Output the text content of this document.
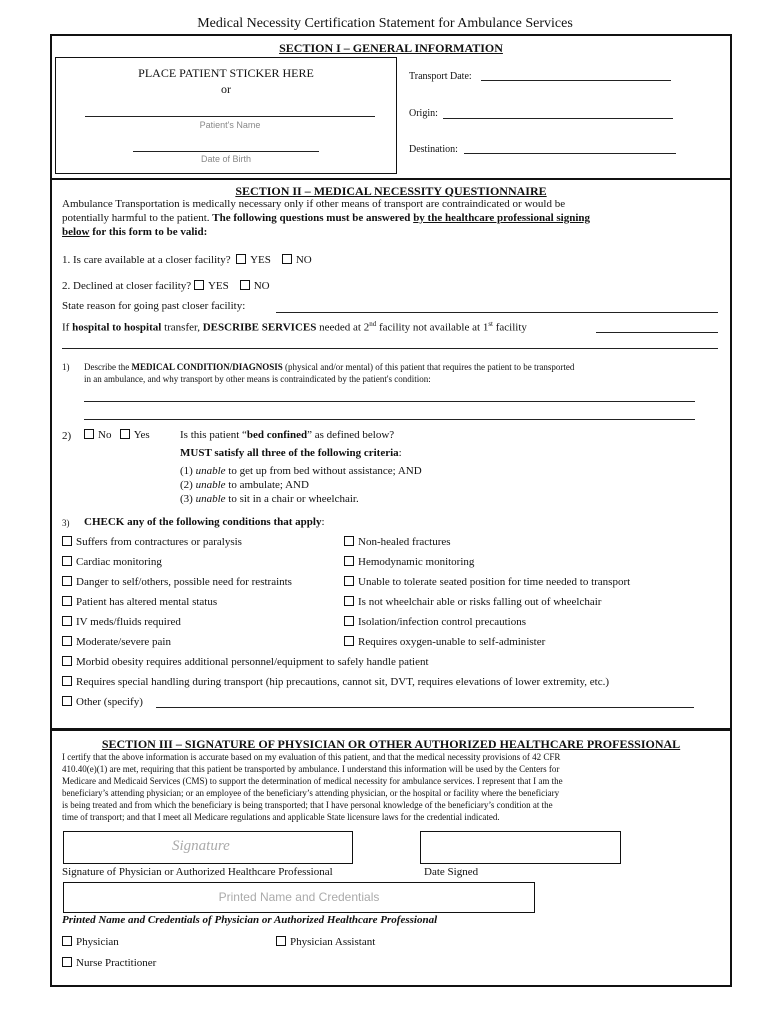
Medical Necessity Certification Statement for Ambulance Services
SECTION I – GENERAL INFORMATION
PLACE PATIENT STICKER HERE
or
Patient's Name
Date of Birth
Transport Date:
Origin:
Destination:
SECTION II – MEDICAL NECESSITY QUESTIONNAIRE
Ambulance Transportation is medically necessary only if other means of transport are contraindicated or would be
potentially harmful to the patient. The following questions must be answered by the healthcare professional signing
below for this form to be valid:
1. Is care available at a closer facility? YES NO
2. Declined at closer facility? YES NO
State reason for going past closer facility:
If hospital to hospital transfer, DESCRIBE SERVICES needed at 2nd facility not available at 1st facility
1) Describe the MEDICAL CONDITION/DIAGNOSIS (physical and/or mental) of this patient that requires the patient to be transported
in an ambulance, and why transport by other means is contraindicated by the patient's condition:
2)	No Yes	Is this patient “bed confined” as defined below?
MUST satisfy all three of the following criteria:
(1) unable to get up from bed without assistance; AND
(2) unable to ambulate; AND
(3) unable to sit in a chair or wheelchair.
3) CHECK any of the following conditions that apply:
Suffers from contractures or paralysis
Cardiac monitoring
Danger to self/others, possible need for restraints
Patient has altered mental status
IV meds/fluids required
Moderate/severe pain
Non-healed fractures
Hemodynamic monitoring
Unable to tolerate seated position for time needed to transport
Is not wheelchair able or risks falling out of wheelchair
Isolation/infection control precautions
Requires oxygen-unable to self-administer
Morbid obesity requires additional personnel/equipment to safely handle patient
Requires special handling during transport (hip precautions, cannot sit, DVT, requires elevations of lower extremity, etc.)
Other (specify)
SECTION III – SIGNATURE OF PHYSICIAN OR OTHER AUTHORIZED HEALTHCARE PROFESSIONAL
I certify that the above information is accurate based on my evaluation of this patient, and that the medical necessity provisions of 42 CFR
410.40(e)(1) are met, requiring that this patient be transported by ambulance. I understand this information will be used by the Centers for
Medicare and Medicaid Services (CMS) to support the determination of medical necessity for ambulance services. I represent that I am the
beneficiary’s attending physician; or an employee of the beneficiary’s attending physician, or the hospital or facility where the beneficiary
is being treated and from which the beneficiary is being transported; that I have personal knowledge of the beneficiary’s condition at the
time of transport; and that I meet all Medicare regulations and applicable State licensure laws for the credential indicated.
Signature
Signature of Physician or Authorized Healthcare Professional	Date Signed
Printed Name and Credentials
Printed Name and Credentials of Physician or Authorized Healthcare Professional
Physician	Physician Assistant
Nurse Practitioner
